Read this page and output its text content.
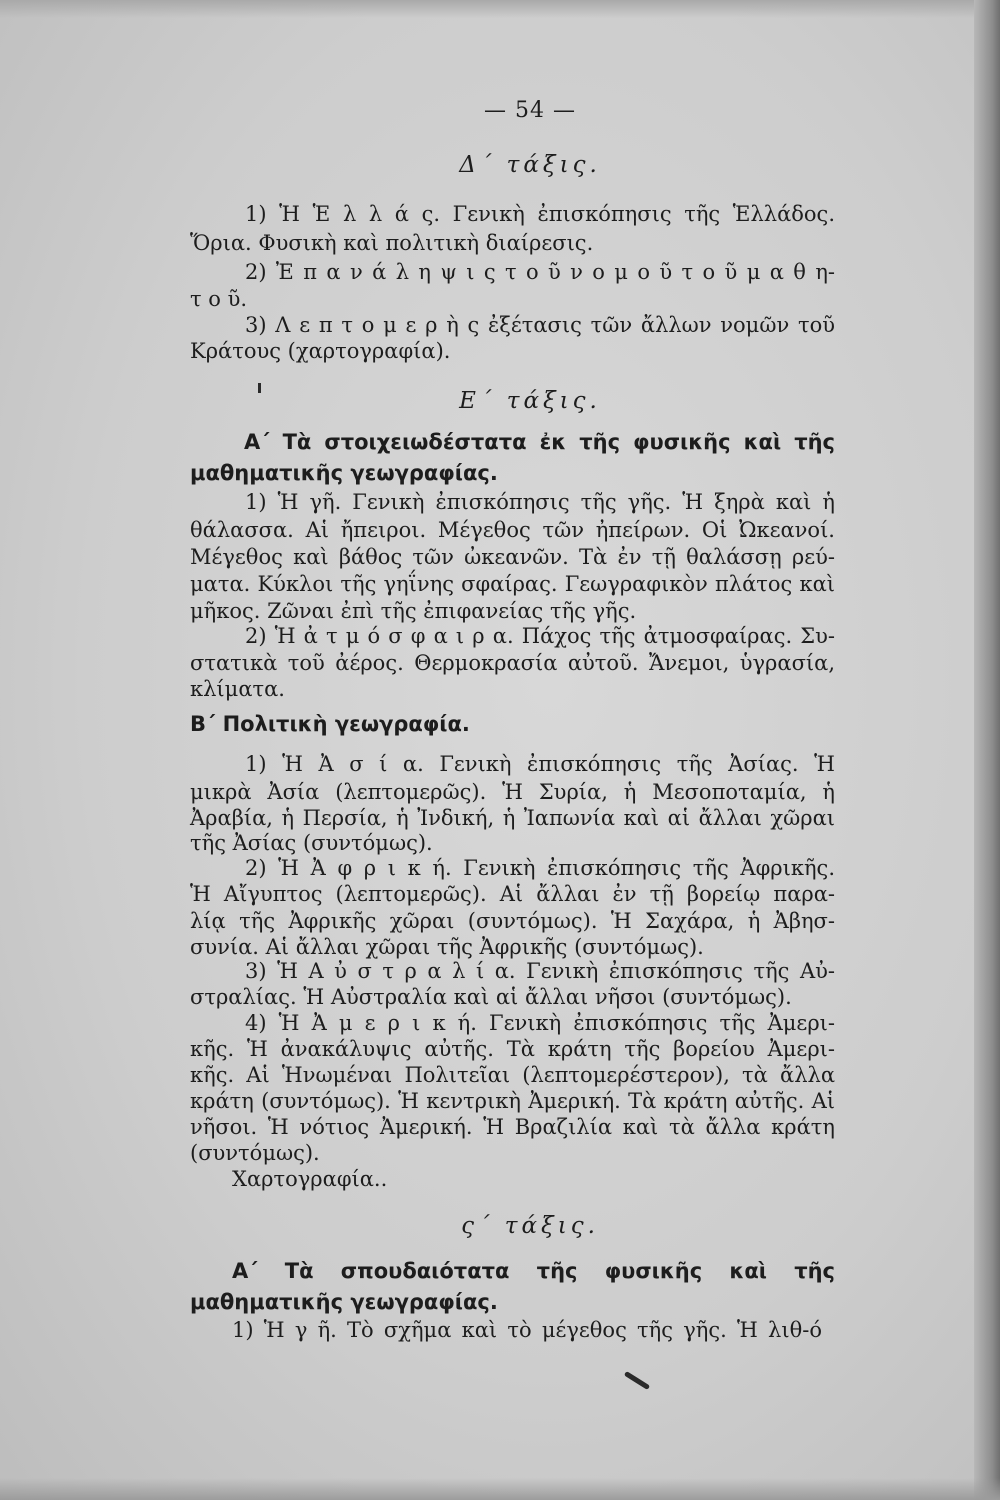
— 54 —
Δ΄ τάξις.
1) Ἡ Ἑ λ λ ά ς. Γενικὴ ἐπισκόπησις τῆς Ἑλλάδος.
Ὅρια. Φυσικὴ καὶ πολιτικὴ διαίρεσις.
2) Ἐ π α ν ά λ η ψ ι ς τ ο ῦ ν ο μ ο ῦ τ ο ῦ μ α θ η-
τ ο ῦ.
3) Λ ε π τ ο μ ε ρ ὴ ς ἐξέτασις τῶν ἄλλων νομῶν τοῦ
Κράτους (χαρτογραφία).
Ε΄ τάξις.
Α΄ Τὰ στοιχειωδέστατα ἐκ τῆς φυσικῆς καὶ τῆς μαθηματικῆς γεωγραφίας.
1) Ἡ γῆ. Γενικὴ ἐπισκόπησις τῆς γῆς. Ἡ ξηρὰ καὶ ἡ
θάλασσα. Αἱ ἤπειροι. Μέγεθος τῶν ἠπείρων. Οἱ Ὠκεανοί.
Μέγεθος καὶ βάθος τῶν ὠκεανῶν. Τὰ ἐν τῇ θαλάσσῃ ρεύ-
ματα. Κύκλοι τῆς γηΐνης σφαίρας. Γεωγραφικὸν πλάτος καὶ
μῆκος. Ζῶναι ἐπὶ τῆς ἐπιφανείας τῆς γῆς.
2) Ἡ ἀ τ μ ό σ φ α ι ρ α. Πάχος τῆς ἀτμοσφαίρας. Συ-
στατικὰ τοῦ ἀέρος. Θερμοκρασία αὐτοῦ. Ἄνεμοι, ὑγρασία,
κλίματα.
Β΄ Πολιτικὴ γεωγραφία.
1) Ἡ Ἀ σ ί α. Γενικὴ ἐπισκόπησις τῆς Ἀσίας. Ἡ
μικρὰ Ἀσία (λεπτομερῶς). Ἡ Συρία, ἡ Μεσοποταμία, ἡ
Ἀραβία, ἡ Περσία, ἡ Ἰνδική, ἡ Ἰαπωνία καὶ αἱ ἄλλαι χῶραι
τῆς Ἀσίας (συντόμως).
2) Ἡ Ἀ φ ρ ι κ ή. Γενικὴ ἐπισκόπησις τῆς Ἀφρικῆς.
Ἡ Αἴγυπτος (λεπτομερῶς). Αἱ ἄλλαι ἐν τῇ βορείῳ παρα-
λίᾳ τῆς Ἀφρικῆς χῶραι (συντόμως). Ἡ Σαχάρα, ἡ Ἀβησ-
συνία. Αἱ ἄλλαι χῶραι τῆς Ἀφρικῆς (συντόμως).
3) Ἡ Α ὐ σ τ ρ α λ ί α. Γενικὴ ἐπισκόπησις τῆς Αὐ-
στραλίας. Ἡ Αὐστραλία καὶ αἱ ἄλλαι νῆσοι (συντόμως).
4) Ἡ Ἀ μ ε ρ ι κ ή. Γενικὴ ἐπισκόπησις τῆς Ἀμερι-
κῆς. Ἡ ἀνακάλυψις αὐτῆς. Τὰ κράτη τῆς βορείου Ἀμερι-
κῆς. Αἱ Ἡνωμέναι Πολιτεῖαι (λεπτομερέστερον), τὰ ἄλλα
κράτη (συντόμως). Ἡ κεντρικὴ Ἀμερική. Τὰ κράτη αὐτῆς. Αἱ
νῆσοι. Ἡ νότιος Ἀμερική. Ἡ Βραζιλία καὶ τὰ ἄλλα κράτη
(συντόμως).
Χαρτογραφία..
ς΄ τάξις.
Α΄ Τὰ σπουδαιότατα τῆς φυσικῆς καὶ τῆς μαθηματικῆς γεωγραφίας.
1) Ἡ γ ῆ. Τὸ σχῆμα καὶ τὸ μέγεθος τῆς γῆς. Ἡ λιθ-ό
